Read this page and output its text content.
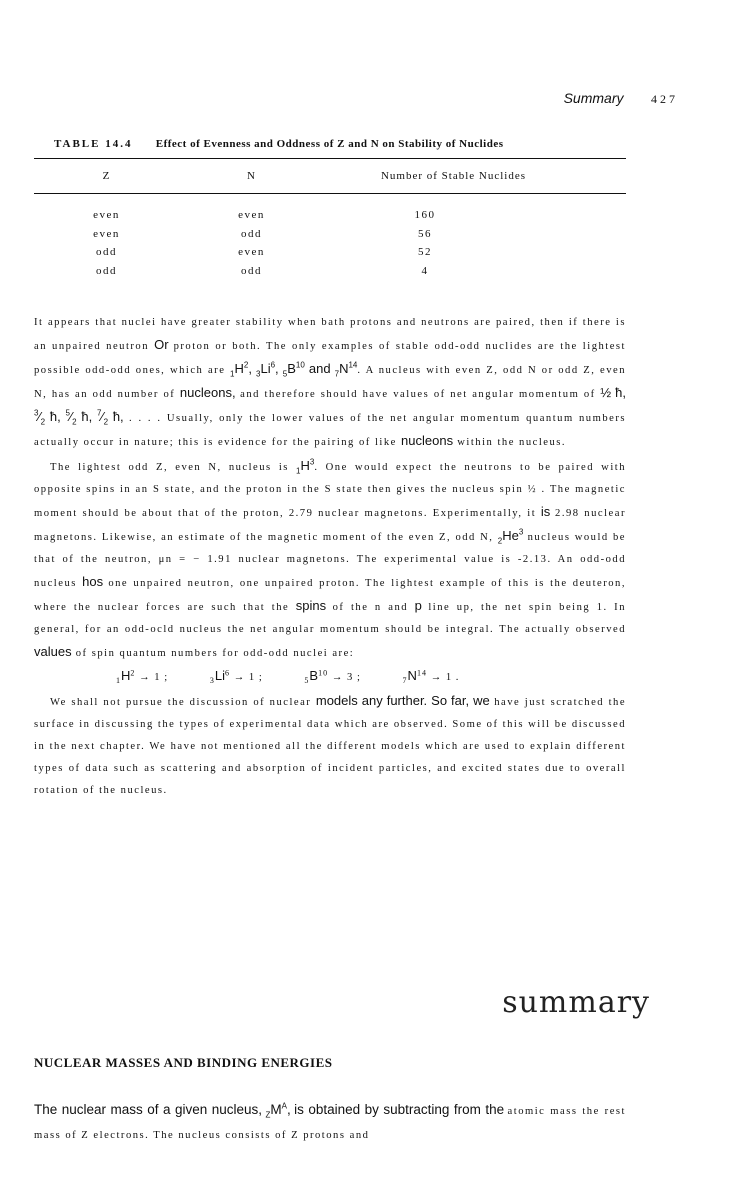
Summary 427
TABLE 14.4 Effect of Evenness and Oddness of Z and N on Stability of Nuclides
Z	N	Number of Stable Nuclides
even	even	160
even	odd	56
odd	even	52
odd	odd	4

It appears that nuclei have greater stability when bath protons and neutrons are paired, then if there is an unpaired neutron Or proton or both. The only examples of stable odd-odd nuclides are the lightest possible odd-odd ones, which are $_1H^2$, $_3Li^6$, $_5B^{10}$ and $_7N^{14}$. A nucleus with even Z, odd N or odd Z, even N, has an odd number of nucleons, and therefore should have values of net angular momentum of ½ ħ, $^3⁄_2$ ħ, $^5⁄_2$ ħ, $^7⁄_2$ ħ, . . . . Usually, only the lower values of the net angular momentum quantum numbers actually occur in nature; this is evidence for the pairing of like nucleons within the nucleus.

The lightest odd Z, even N, nucleus is $_1H^3$. One would expect the neutrons to be paired with opposite spins in an S state, and the proton in the S state then gives the nucleus spin ½ . The magnetic moment should be about that of the proton, 2.79 nuclear magnetons. Experimentally, it is 2.98 nuclear magnetons. Likewise, an estimate of the magnetic moment of the even Z, odd N, $_2He^3$ nucleus would be that of the neutron, μn = − 1.91 nuclear magnetons. The experimental value is -2.13. An odd-odd nucleus hos one unpaired neutron, one unpaired proton. The lightest example of this is the deuteron, where the nuclear forces are such that the spins of the n and p line up, the net spin being 1. In general, for an odd-ocld nucleus the net angular momentum should be integral. The actually observed values of spin quantum numbers for odd-odd nuclei are:

$_1H^2 \to 1$ ;	$_3Li^6 \to 1$ ;	$_5B^{10} \to 3$ ;	$_7N^{14} \to 1$ .

We shall not pursue the discussion of nuclear models any further. So far, we have just scratched the surface in discussing the types of experimental data which are observed. Some of this will be discussed in the next chapter. We have not mentioned all the different models which are used to explain different types of data such as scattering and absorption of incident particles, and excited states due to overall rotation of the nucleus.

summary
NUCLEAR MASSES AND BINDING ENERGIES
The nuclear mass of a given nucleus, $_ZM^A$, is obtained by subtracting from the atomic mass the rest mass of Z electrons. The nucleus consists of Z protons and
